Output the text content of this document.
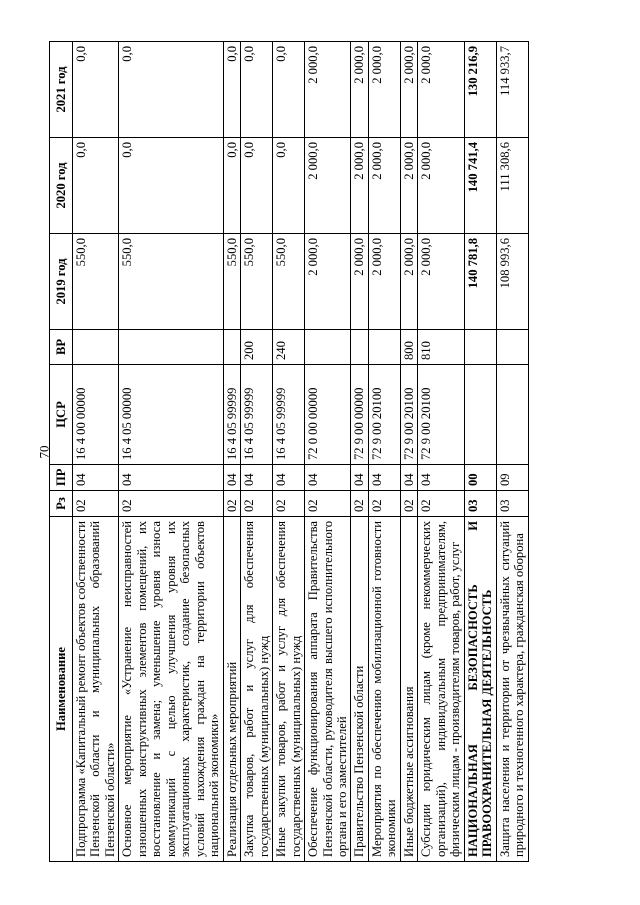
70
Наименование	Рз	ПР	ЦСР	ВР	2019 год	2020 год	2021 год
Подпрограмма «Капитальный ремонт объектов собственности Пензенской области и муниципальных образований Пензенской области»	02	04	16 4 00 00000		550,0	0,0	0,0
Основное мероприятие «Устранение неисправностей изношенных конструктивных элементов помещений, их восстановление и замена; уменьшение уровня износа коммуникаций с целью улучшения уровня их эксплуатационных характеристик, создание безопасных условий нахождения граждан на территории объектов национальной экономики»	02	04	16 4 05 00000		550,0	0,0	0,0
Реализация отдельных мероприятий	02	04	16 4 05 99999		550,0	0,0	0,0
Закупка товаров, работ и услуг для обеспечения государственных (муниципальных) нужд	02	04	16 4 05 99999	200	550,0	0,0	0,0
Иные закупки товаров, работ и услуг для обеспечения государственных (муниципальных) нужд	02	04	16 4 05 99999	240	550,0	0,0	0,0
Обеспечение функционирования аппарата Правительства Пензенской области, руководителя высшего исполнительного органа и его заместителей	02	04	72 0 00 00000		2 000,0	2 000,0	2 000,0
Правительство Пензенской области	02	04	72 9 00 00000		2 000,0	2 000,0	2 000,0
Мероприятия по обеспечению мобилизационной готовности экономики	02	04	72 9 00 20100		2 000,0	2 000,0	2 000,0
Иные бюджетные ассигнования	02	04	72 9 00 20100	800	2 000,0	2 000,0	2 000,0
Субсидии юридическим лицам (кроме некоммерческих организаций), индивидуальным предпринимателям, физическим лицам - производителям товаров, работ, услуг	02	04	72 9 00 20100	810	2 000,0	2 000,0	2 000,0
НАЦИОНАЛЬНАЯ БЕЗОПАСНОСТЬ И ПРАВООХРАНИТЕЛЬНАЯ ДЕЯТЕЛЬНОСТЬ	03	00			140 781,8	140 741,4	130 216,9
Защита населения и территории от чрезвычайных ситуаций природного и техногенного характера, гражданская оборона	03	09			108 993,6	111 308,6	114 933,7
